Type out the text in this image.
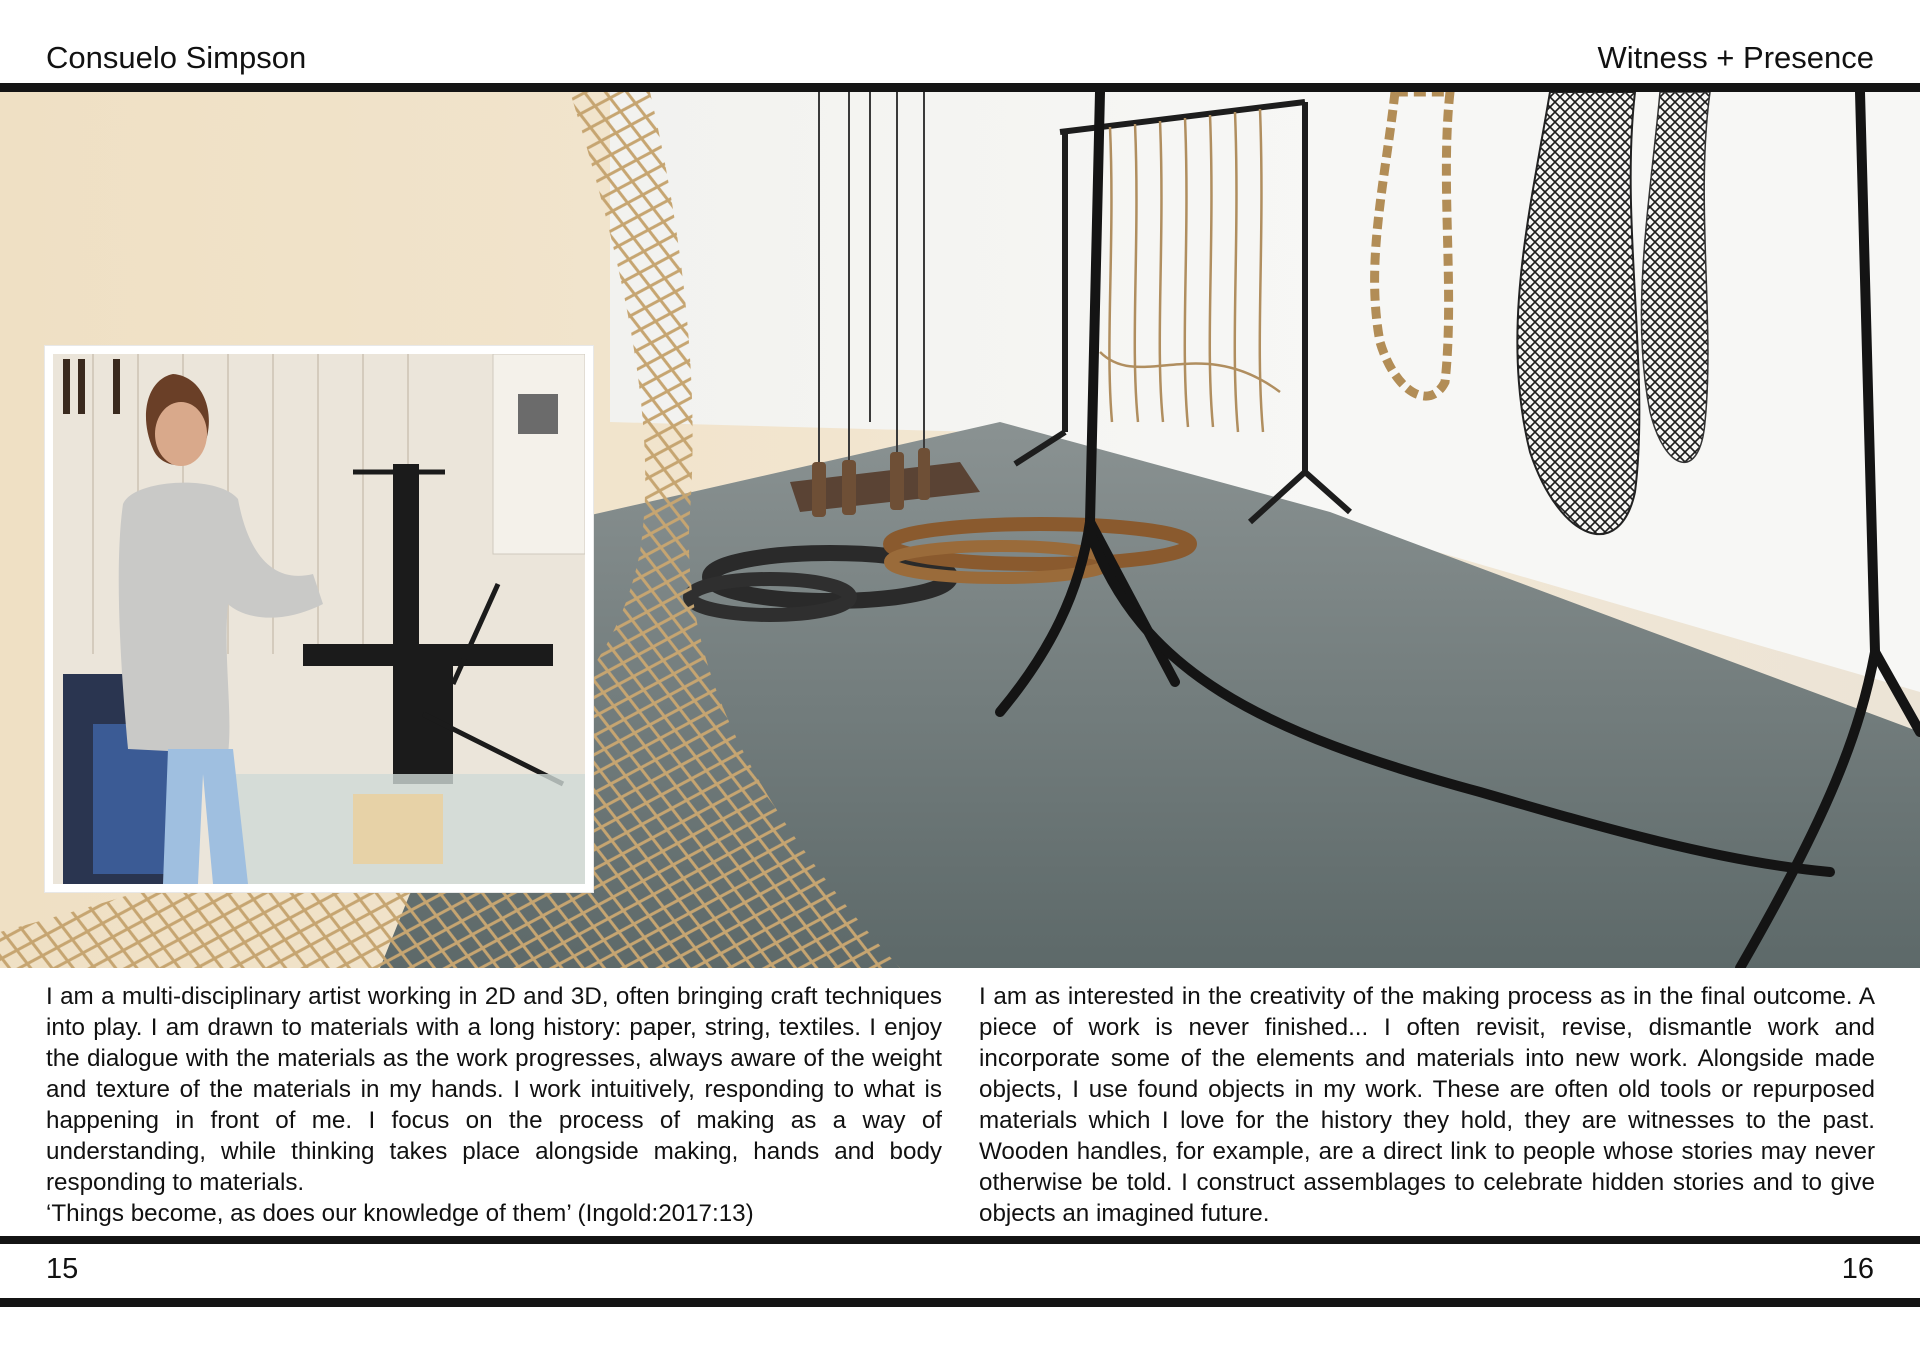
Consuelo Simpson	Witness + Presence

I am a multi-disciplinary artist working in 2D and 3D, often bringing craft techniques into play. I am drawn to materials with a long history: paper, string, textiles. I enjoy the dialogue with the materials as the work progresses, always aware of the weight and texture of the materials in my hands. I work intuitively, responding to what is happening in front of me. I focus on the process of making as a way of understanding, while thinking takes place alongside making, hands and body responding to materials.

‘Things become, as does our knowledge of them’ (Ingold:2017:13)

I am as interested in the creativity of the making process as in the final outcome. A piece of work is never finished... I often revisit, revise, dismantle work and incorporate some of the elements and materials into new work. Alongside made objects, I use found objects in my work. These are often old tools or repurposed materials which I love for the history they hold, they are witnesses to the past. Wooden handles, for example, are a direct link to people whose stories may never otherwise be told. I construct assemblages to celebrate hidden stories and to give objects an imagined future.

15	16
